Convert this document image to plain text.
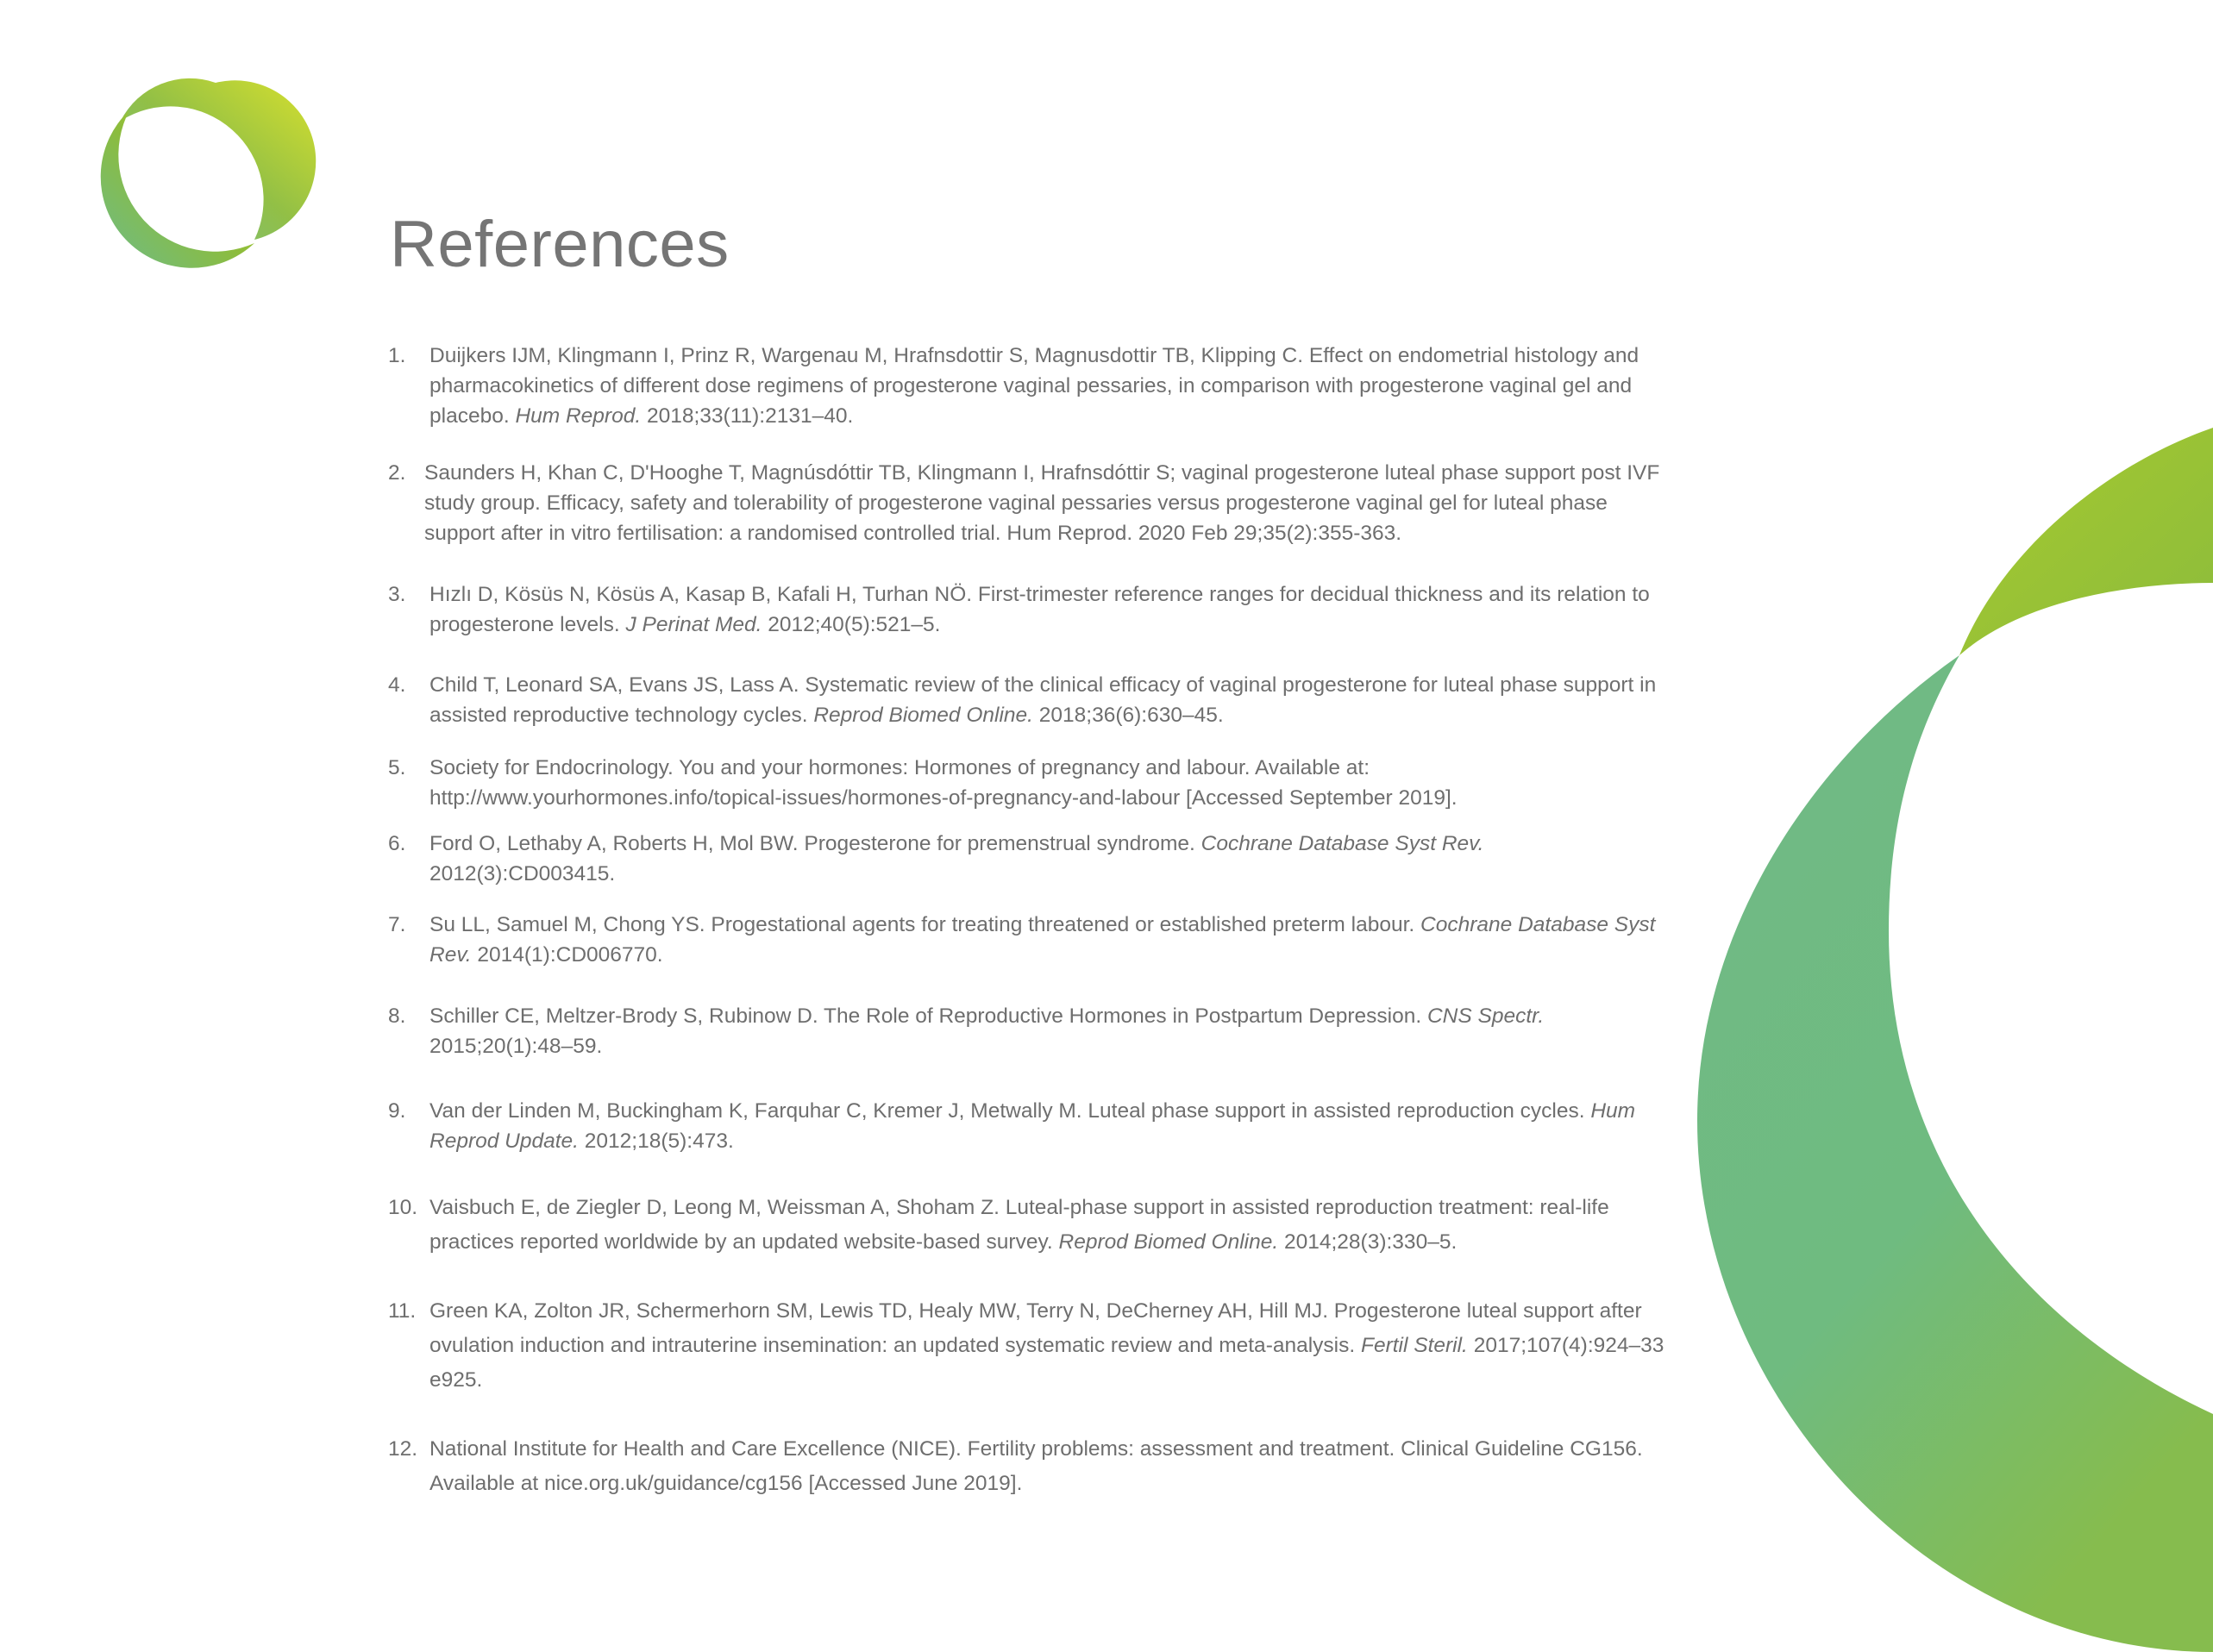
References
1. Duijkers IJM, Klingmann I, Prinz R, Wargenau M, Hrafnsdottir S, Magnusdottir TB, Klipping C. Effect on endometrial histology and pharmacokinetics of different dose regimens of progesterone vaginal pessaries, in comparison with progesterone vaginal gel and placebo. Hum Reprod. 2018;33(11):2131–40.
2. Saunders H, Khan C, D'Hooghe T, Magnúsdóttir TB, Klingmann I, Hrafnsdóttir S; vaginal progesterone luteal phase support post IVF study group. Efficacy, safety and tolerability of progesterone vaginal pessaries versus progesterone vaginal gel for luteal phase support after in vitro fertilisation: a randomised controlled trial. Hum Reprod. 2020 Feb 29;35(2):355-363.
3. Hızlı D, Kösüs N, Kösüs A, Kasap B, Kafali H, Turhan NÖ. First-trimester reference ranges for decidual thickness and its relation to progesterone levels. J Perinat Med. 2012;40(5):521–5.
4. Child T, Leonard SA, Evans JS, Lass A. Systematic review of the clinical efficacy of vaginal progesterone for luteal phase support in assisted reproductive technology cycles. Reprod Biomed Online. 2018;36(6):630–45.
5. Society for Endocrinology. You and your hormones: Hormones of pregnancy and labour. Available at: http://www.yourhormones.info/topical-issues/hormones-of-pregnancy-and-labour [Accessed September 2019].
6. Ford O, Lethaby A, Roberts H, Mol BW. Progesterone for premenstrual syndrome. Cochrane Database Syst Rev. 2012(3):CD003415.
7. Su LL, Samuel M, Chong YS. Progestational agents for treating threatened or established preterm labour. Cochrane Database Syst Rev. 2014(1):CD006770.
8. Schiller CE, Meltzer-Brody S, Rubinow D. The Role of Reproductive Hormones in Postpartum Depression. CNS Spectr. 2015;20(1):48–59.
9. Van der Linden M, Buckingham K, Farquhar C, Kremer J, Metwally M. Luteal phase support in assisted reproduction cycles. Hum Reprod Update. 2012;18(5):473.
10. Vaisbuch E, de Ziegler D, Leong M, Weissman A, Shoham Z. Luteal-phase support in assisted reproduction treatment: real-life practices reported worldwide by an updated website-based survey. Reprod Biomed Online. 2014;28(3):330–5.
11. Green KA, Zolton JR, Schermerhorn SM, Lewis TD, Healy MW, Terry N, DeCherney AH, Hill MJ. Progesterone luteal support after ovulation induction and intrauterine insemination: an updated systematic review and meta-analysis. Fertil Steril. 2017;107(4):924–33 e925.
12. National Institute for Health and Care Excellence (NICE). Fertility problems: assessment and treatment. Clinical Guideline CG156. Available at nice.org.uk/guidance/cg156 [Accessed June 2019].
